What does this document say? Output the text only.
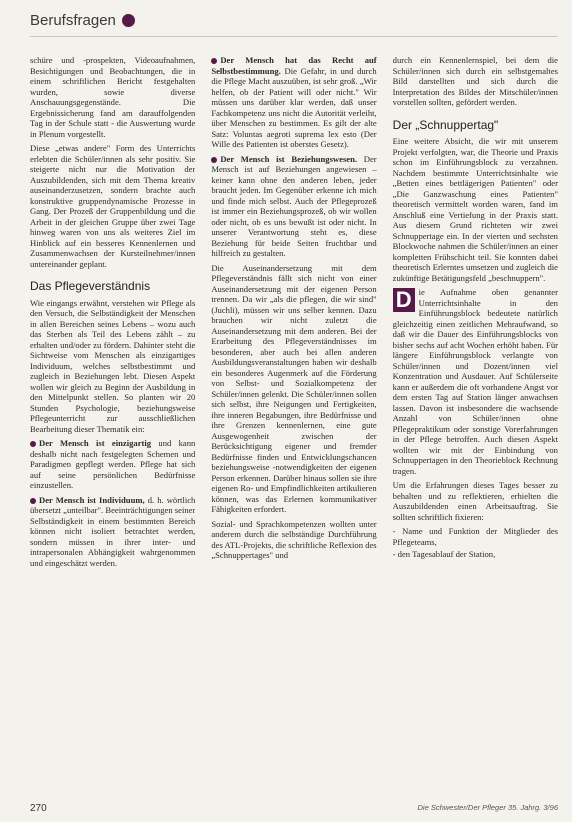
Berufsfragen

schüre und -prospekten, Videoaufnahmen, Besichtigungen und Beobachtungen, die in einem schriftlichen Bericht festgehalten wurden, sowie diverse Anschauungsgegenstände. Die Ergebnissicherung fand am darauffolgenden Tag in der Schule statt - die Auswertung wurde in Plenum vorgestellt.

Diese „etwas andere" Form des Unterrichts erlebten die Schüler/innen als sehr positiv. Sie steigerte nicht nur die Motivation der Auszubildenden, sich mit dem Thema kreativ auseinanderzusetzen, sondern brachte auch konstruktive gruppendynamische Prozesse in Gang. Der Prozeß der Gruppenbildung und die Arbeit in der gleichen Gruppe über zwei Tage hinweg waren von uns als weiteres Ziel im Hinblick auf ein besseres Kennenlernen und Zusammenwachsen der Kursteilnehmer/innen untereinander geplant.

Das Pflegeverständnis

Wie eingangs erwähnt, verstehen wir Pflege als den Versuch, die Selbständigkeit der Menschen in allen Bereichen seines Lebens – wozu auch das Sterben als Teil des Lebens zählt – zu erhalten und/oder zu fördern. Dahinter steht die Sichtweise vom Menschen als einzigartiges Individuum, welches selbstbestimmt und zugleich in Beziehungen lebt. Diesen Aspekt wollen wir gleich zu Beginn der Ausbildung in den Mittelpunkt stellen. So planten wir 20 Stunden Psychologie, beziehungsweise Pflegeunterricht zur ausschließlichen Bearbeitung dieser Thematik ein:

Der Mensch ist einzigartig und kann deshalb nicht nach festgelegten Schemen und Paradigmen gepflegt werden. Pflege hat sich auf seine persönlichen Bedürfnisse einzustellen.

Der Mensch ist Individuum, d. h. wörtlich übersetzt „unteilbar". Beeinträchtigungen seiner Selbständigkeit in einem bestimmten Bereich können nicht isoliert betrachtet werden, sondern müssen in ihrer inter- und intrapersonalen Abhängigkeit wahrgenommen und eingeschätzt werden.

Der Mensch hat das Recht auf Selbstbestimmung. Die Gefahr, in und durch die Pflege Macht auszuüben, ist sehr groß. „Wir helfen, ob der Patient will oder nicht." Wir müssen uns darüber klar werden, daß unser Fachkompetenz uns nicht die Autorität verleiht, über Menschen zu bestimmen. Es gilt der alte Satz: Voluntas aegroti suprema lex esto (Der Wille des Patienten ist oberstes Gesetz).

Der Mensch ist Beziehungswesen. Der Mensch ist auf Beziehungen angewiesen – keiner kann ohne den anderen leben, jeder braucht jeden. Im Gegenüber erkenne ich mich und finde mich selbst. Auch der Pflegeprozeß ist immer ein Beziehungsprozeß, ob wir wollen oder nicht, ob es uns bewußt ist oder nicht. In unserer Verantwortung steht es, diese Beziehung für beide Seiten fruchtbar und hilfreich zu gestalten.

Die Auseinandersetzung mit dem Pflegeverständnis fällt sich nicht von einer Auseinandersetzung mit der eigenen Person trennen. Da wir „als die pflegen, die wir sind" (Juchli), müssen wir uns selber kennen. Dazu brauchen wir nicht zuletzt die Auseinandersetzung mit dem anderen. Bei der Erarbeitung des Pflegeverständnisses im besonderen, aber auch bei allen anderen Ausbildungsveranstaltungen haben wir deshalb ein besonderes Augenmerk auf die Förderung von Selbst- und Sozialkompetenz der Schüler/innen gelenkt. Die Schüler/innen sollen sich selbst, ihre Neigungen und Fertigkeiten, ihre inneren Begabungen, ihre Bedürfnisse und ihre Grenzen kennenlernen, eine gute Ausgewogenheit zwischen der Berücksichtigung eigener und fremder Bedürfnisse finden und Entwicklungschancen beziehungsweise -notwendigkeiten der eigenen Person erkennen. Darüber hinaus sollen sie ihre eigenen Ro- und Empfindlichkeiten artikulieren können, was das Erlernen kommunikativer Fähigkeiten erfordert.

Sozial- und Sprachkompetenzen wollten unter anderem durch die selbständige Durchführung des ATL-Projekts, die schriftliche Reflexion des „Schnuppertages" und

durch ein Kennenlernspiel, bei dem die Schüler/innen sich durch ein selbstgemaltes Bild darstellten und sich durch die Interpretation des Bildes der Mitschüler/innen vorstellen sollten, gefördert werden.

Der „Schnuppertag"

Eine weitere Absicht, die wir mit unserem Projekt verfolgten, war, die Theorie und Praxis schon im Einführungsblock zu verzahnen. Nachdem bestimmte Unterrichtsinhalte wie „Betten eines bettlägerigen Patienten" oder „Die Ganzwaschung eines Patienten" theoretisch vermittelt worden waren, fand im Anschluß eine Vertiefung in der Praxis statt. Aus diesem Grund richteten wir zwei Schnuppertage ein. In der vierten und sechsten Blockwoche nahmen die Schüler/innen an einer kompletten Frühschicht teil. Sie konnten dabei theoretisch Erlerntes umsetzen und zugleich die zukünftige Betätigungsfeld „beschnuppern".

D ie Aufnahme oben genannter Unterrichtsinhalte in den Einführungsblock bedeutete natürlich gleichzeitig einen zeitlichen Mehraufwand, so daß wir die Dauer des Einführungsblocks von bisher sechs auf acht Wochen erhöht haben. Für längere Einführungsblock verlangte von Schüler/innen und Dozent/innen viel Konzentration und Ausdauer. Auf Schülerseite kann er außerdem die oft vorhandene Angst vor dem ersten Tag auf Station länger anwachsen lassen. Davon ist insbesondere die wachsende Anzahl von Schüler/innen ohne Pflegepraktikum oder sonstige Vorerfahrungen in der Pflege betroffen. Auch diesen Aspekt wollten wir mit der Einbindung von Schnuppertagen in den Theorieblock Rechnung tragen.

Um die Erfahrungen dieses Tages besser zu behalten und zu reflektieren, erhielten die Auszubildenden einen Arbeitsauftrag. Sie sollten schriftlich fixieren:

- Name und Funktion der Mitglieder des Pflegeteams,
- den Tagesablauf der Station,
270	Die Schwester/Der Pfleger 35. Jahrg. 3/96
